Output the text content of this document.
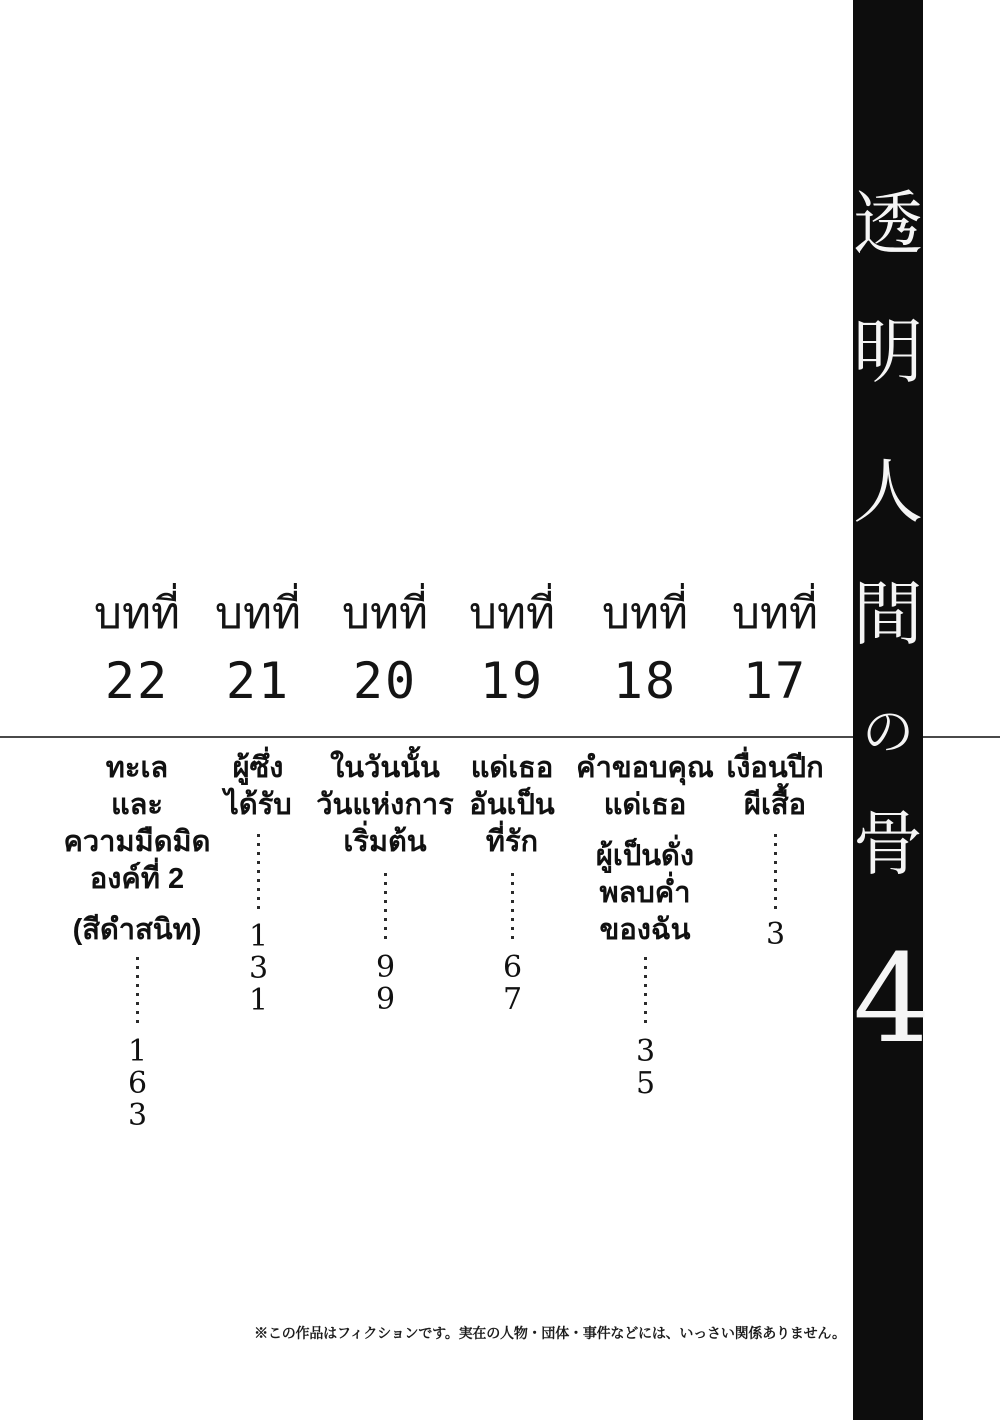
บทที่
22
บทที่
21
บทที่
20
บทที่
19
บทที่
18
บทที่
17
ทะเล
และ
ความมืดมิด
องค์ที่ 2
(สีดำสนิท)
163
ผู้ซึ่ง
ได้รับ
131
ในวันนั้น
วันแห่งการ
เริ่มต้น
99
แด่เธอ
อันเป็น
ที่รัก
67
คำขอบคุณ
แด่เธอ
ผู้เป็นดั่ง
พลบค่ำ
ของฉัน
35
เงื่อนปีก
ผีเสื้อ
3
透
明
人
間
の
骨
4
※この作品はフィクションです。実在の人物・団体・事件などには、いっさい関係ありません。
